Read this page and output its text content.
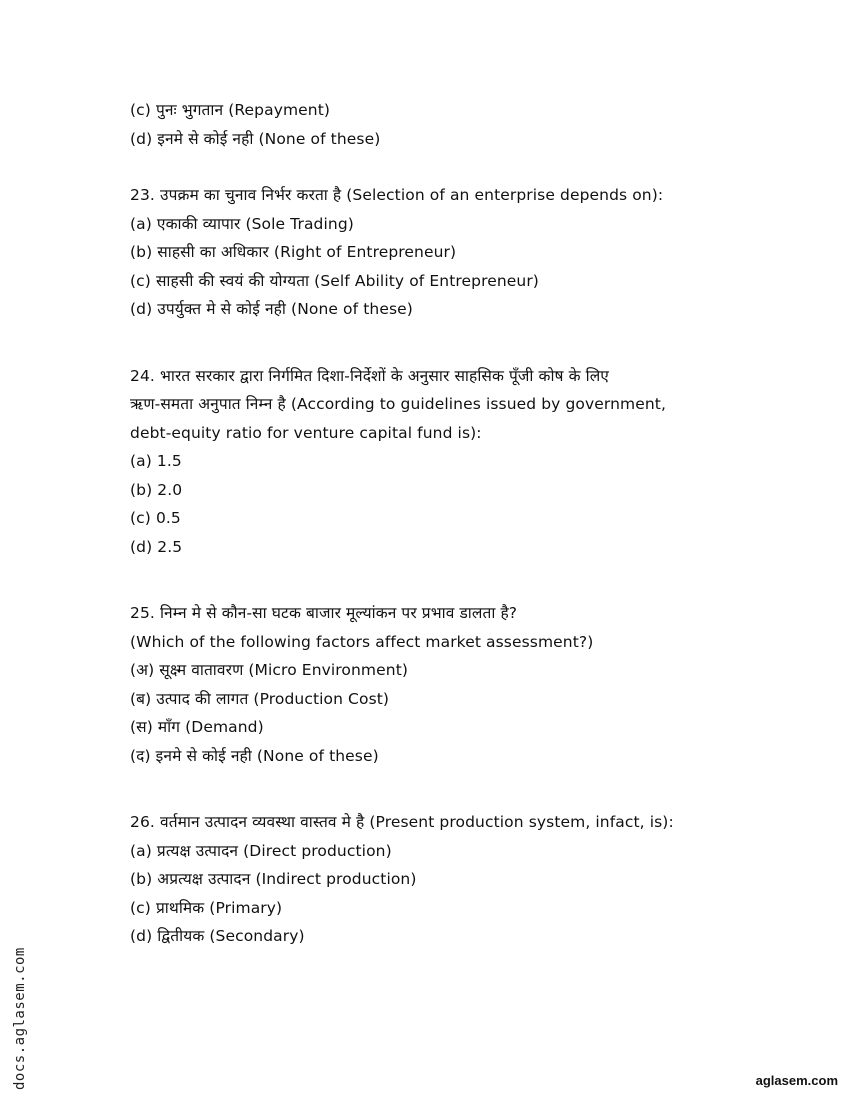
(c) पुनः भुगतान (Repayment)
(d) इनमे से कोई नही (None of these)
23. उपक्रम का चुनाव निर्भर करता है (Selection of an enterprise depends on):
(a) एकाकी व्यापार (Sole Trading)
(b) साहसी का अधिकार (Right of Entrepreneur)
(c) साहसी की स्वयं की योग्यता (Self Ability of Entrepreneur)
(d) उपर्युक्त मे से कोई नही (None of these)
24. भारत सरकार द्वारा निर्गमित दिशा-निर्देशों के अनुसार साहसिक पूँजी कोष के लिए
ऋण-समता अनुपात निम्न है (According to guidelines issued by government,
debt-equity ratio for venture capital fund is):
(a) 1.5
(b) 2.0
(c) 0.5
(d) 2.5
25. निम्न मे से कौन-सा घटक बाजार मूल्यांकन पर प्रभाव डालता है?
(Which of the following factors affect market assessment?)
(अ) सूक्ष्म वातावरण (Micro Environment)
(ब) उत्पाद की लागत (Production Cost)
(स) माँग (Demand)
(द) इनमे से कोई नही (None of these)
26. वर्तमान उत्पादन व्यवस्था वास्तव मे है (Present production system, infact, is):
(a) प्रत्यक्ष उत्पादन (Direct production)
(b) अप्रत्यक्ष उत्पादन (Indirect production)
(c) प्राथमिक (Primary)
(d) द्वितीयक (Secondary)
docs.aglasem.com	aglasem.com
